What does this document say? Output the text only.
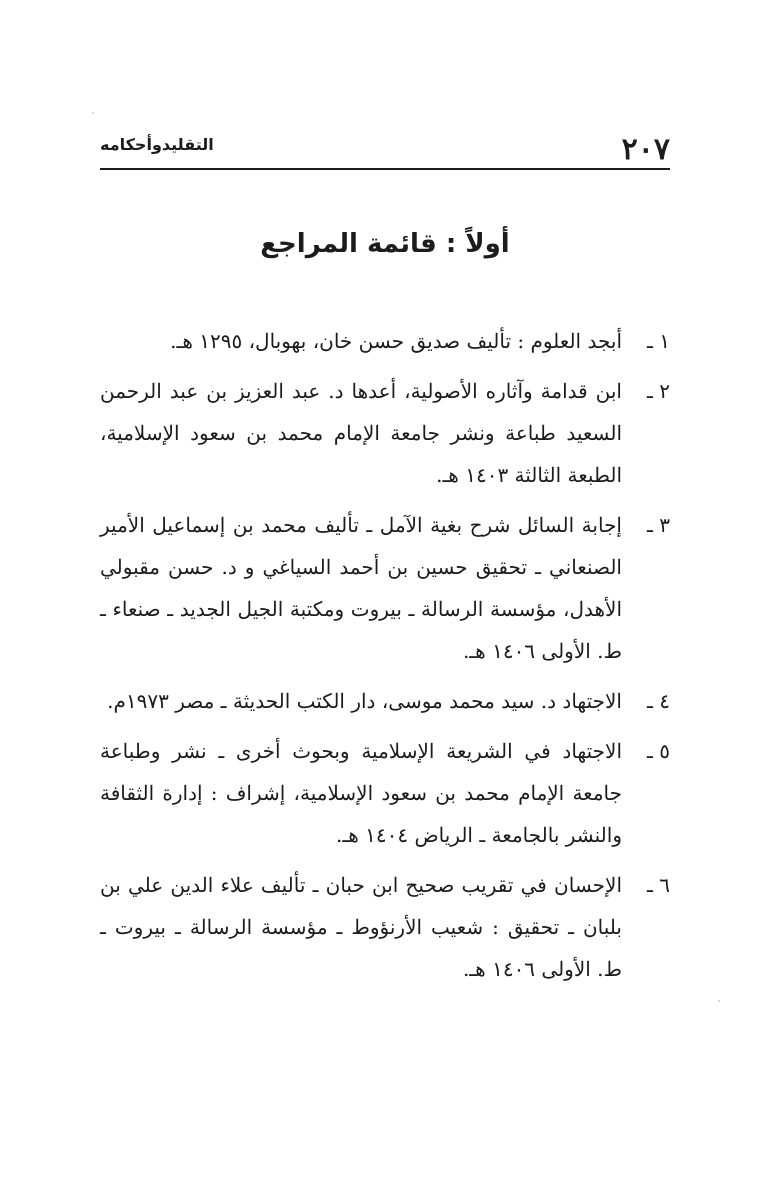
٢٠٧
التقليدوأحكامه
أولاً : قائمة المراجع
١ ـ
أبجد العلوم : تأليف صديق حسن خان، بهوبال، ١٢٩٥ هـ.
٢ ـ
ابن قدامة وآثاره الأصولية، أعدها د. عبد العزيز بن عبد الرحمن السعيد طباعة ونشر جامعة الإمام محمد بن سعود الإسلامية، الطبعة الثالثة ١٤٠٣ هـ.
٣ ـ
إجابة السائل شرح بغية الآمل ـ تأليف محمد بن إسماعيل الأمير الصنعاني ـ تحقيق حسين بن أحمد السياغي و د. حسن مقبولي الأهدل، مؤسسة الرسالة ـ بيروت ومكتبة الجيل الجديد ـ صنعاء ـ ط. الأولى ١٤٠٦ هـ.
٤ ـ
الاجتهاد د. سيد محمد موسى، دار الكتب الحديثة ـ مصر ١٩٧٣م.
٥ ـ
الاجتهاد في الشريعة الإسلامية وبحوث أخرى ـ نشر وطباعة جامعة الإمام محمد بن سعود الإسلامية، إشراف : إدارة الثقافة والنشر بالجامعة ـ الرياض ١٤٠٤ هـ.
٦ ـ
الإحسان في تقريب صحيح ابن حبان ـ تأليف علاء الدين علي بن بلبان ـ تحقيق : شعيب الأرنؤوط ـ مؤسسة الرسالة ـ بيروت ـ ط. الأولى ١٤٠٦ هـ.
